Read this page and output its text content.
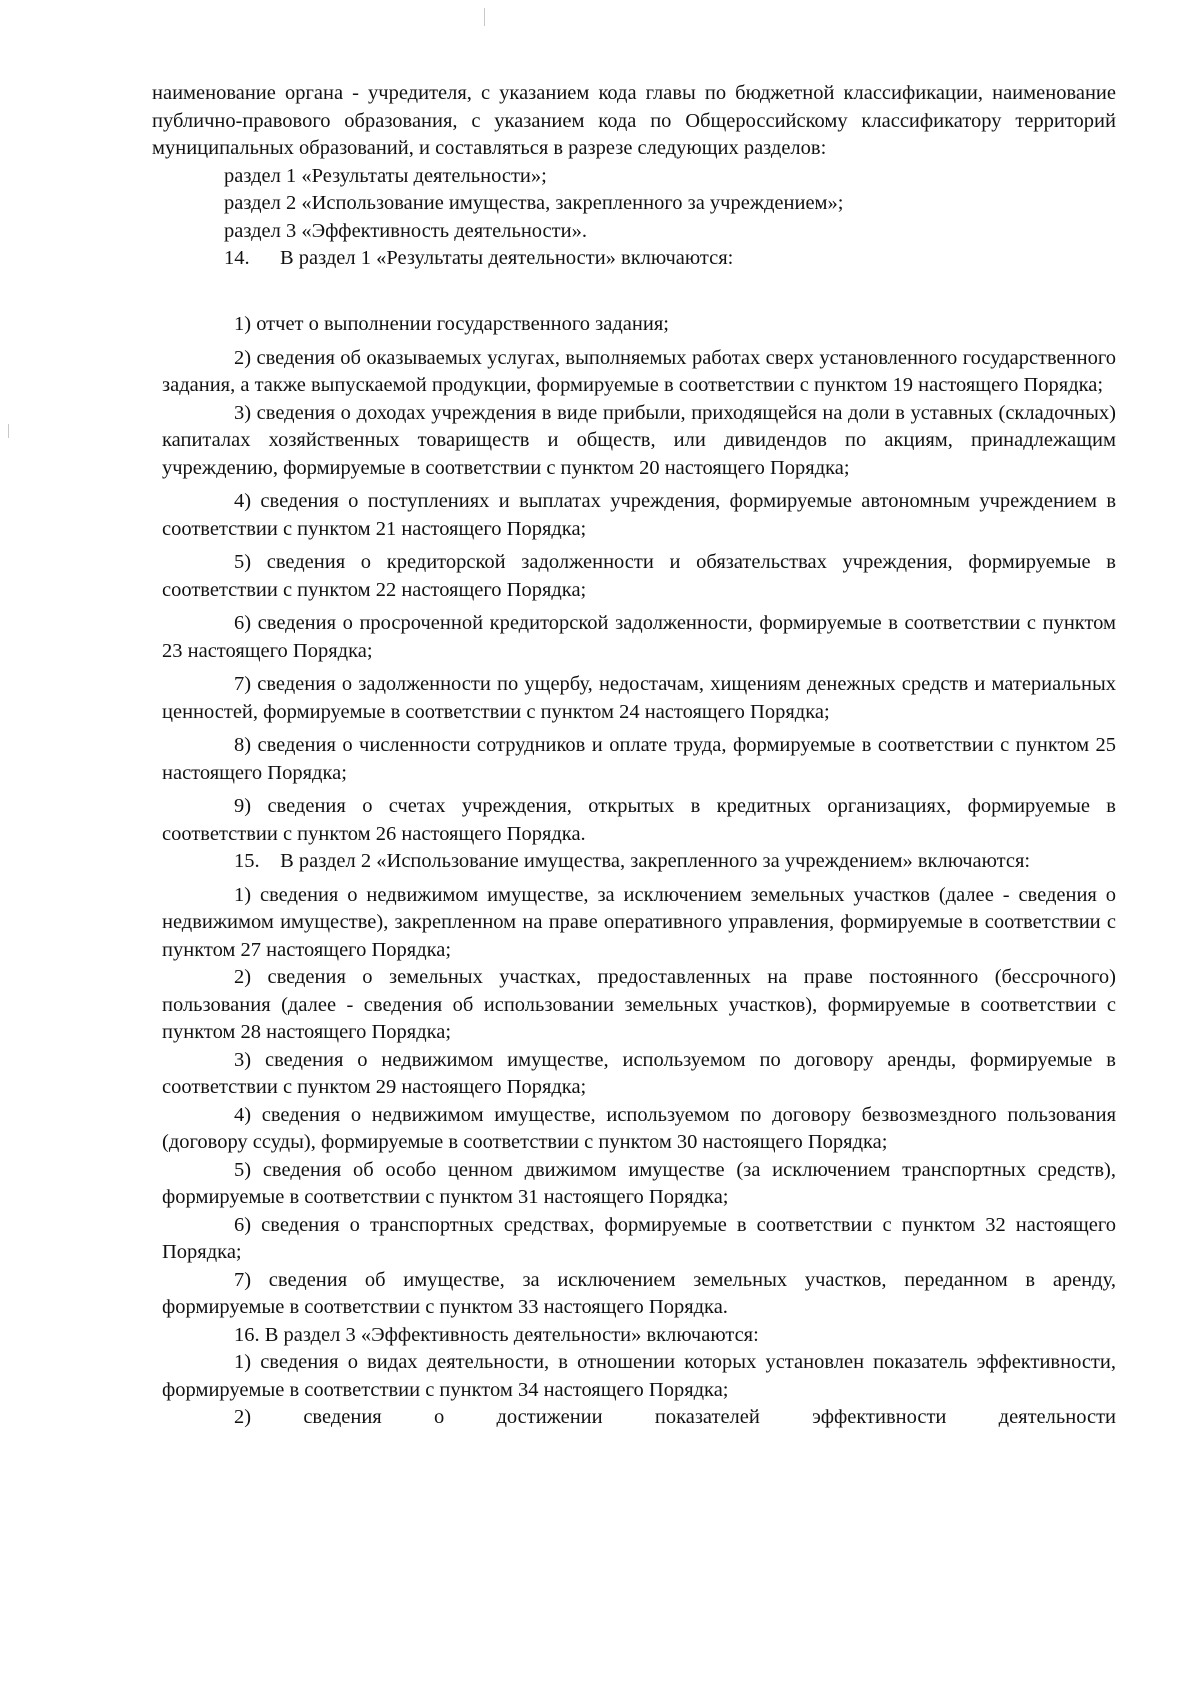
наименование органа - учредителя, с указанием кода главы по бюджетной классификации, наименование публично-правового образования, с указанием кода по Общероссийскому классификатору территорий муниципальных образований, и составляться в разрезе следующих разделов:

раздел 1 «Результаты деятельности»;

раздел 2 «Использование имущества, закрепленного за учреждением»;

раздел 3 «Эффективность деятельности».

14. В раздел 1 «Результаты деятельности» включаются:

1) отчет о выполнении государственного задания;

2) сведения об оказываемых услугах, выполняемых работах сверх установленного государственного задания, а также выпускаемой продукции, формируемые в соответствии с пунктом 19 настоящего Порядка;

3) сведения о доходах учреждения в виде прибыли, приходящейся на доли в уставных (складочных) капиталах хозяйственных товариществ и обществ, или дивидендов по акциям, принадлежащим учреждению, формируемые в соответствии с пунктом 20 настоящего Порядка;

4) сведения о поступлениях и выплатах учреждения, формируемые автономным учреждением в соответствии с пунктом 21 настоящего Порядка;

5) сведения о кредиторской задолженности и обязательствах учреждения, формируемые в соответствии с пунктом 22 настоящего Порядка;

6) сведения о просроченной кредиторской задолженности, формируемые в соответствии с пунктом 23 настоящего Порядка;

7) сведения о задолженности по ущербу, недостачам, хищениям денежных средств и материальных ценностей, формируемые в соответствии с пунктом 24 настоящего Порядка;

8) сведения о численности сотрудников и оплате труда, формируемые в соответствии с пунктом 25 настоящего Порядка;

9) сведения о счетах учреждения, открытых в кредитных организациях, формируемые в соответствии с пунктом 26 настоящего Порядка.

15. В раздел 2 «Использование имущества, закрепленного за учреждением» включаются:

1) сведения о недвижимом имуществе, за исключением земельных участков (далее - сведения о недвижимом имуществе), закрепленном на праве оперативного управления, формируемые в соответствии с пунктом 27 настоящего Порядка;

2) сведения о земельных участках, предоставленных на праве постоянного (бессрочного) пользования (далее - сведения об использовании земельных участков), формируемые в соответствии с пунктом 28 настоящего Порядка;

3) сведения о недвижимом имуществе, используемом по договору аренды, формируемые в соответствии с пунктом 29 настоящего Порядка;

4) сведения о недвижимом имуществе, используемом по договору безвозмездного пользования (договору ссуды), формируемые в соответствии с пунктом 30 настоящего Порядка;

5) сведения об особо ценном движимом имуществе (за исключением транспортных средств), формируемые в соответствии с пунктом 31 настоящего Порядка;

6) сведения о транспортных средствах, формируемые в соответствии с пунктом 32 настоящего Порядка;

7) сведения об имуществе, за исключением земельных участков, переданном в аренду, формируемые в соответствии с пунктом 33 настоящего Порядка.

16. В раздел 3 «Эффективность деятельности» включаются:

1) сведения о видах деятельности, в отношении которых установлен показатель эффективности, формируемые в соответствии с пунктом 34 настоящего Порядка;

2) сведения о достижении показателей эффективности деятельности
